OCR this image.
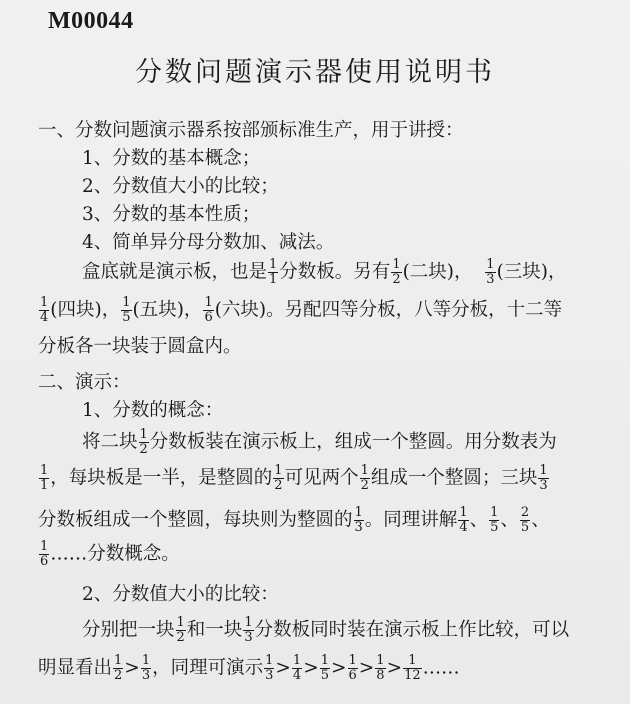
M00044
分数问题演示器使用说明书
一、分数问题演示器系按部颁标准生产，用于讲授：
1、分数的基本概念；
2、分数值大小的比较；
3、分数的基本性质；
4、简单异分母分数加、减法。
盒底就是演示板，也是 $\frac{1}{1}$ 分数板。另有 $\frac{1}{2}$ (二块)， $\frac{1}{3}$ (三块)，
$\frac{1}{4}$ (四块)， $\frac{1}{5}$ (五块)， $\frac{1}{6}$ (六块)。另配四等分板，八等分板，十二等
分板各一块装于圆盒内。
二、演示：
1、分数的概念：
将二块 $\frac{1}{2}$ 分数板装在演示板上，组成一个整圆。用分数表为
$\frac{1}{1}$ ，每块板是一半，是整圆的 $\frac{1}{2}$ 可见两个 $\frac{1}{2}$ 组成一个整圆；三块 $\frac{1}{3}$
分数板组成一个整圆，每块则为整圆的 $\frac{1}{3}$ 。同理讲解 $\frac{1}{4}$ 、 $\frac{1}{5}$ 、 $\frac{2}{5}$ 、
$\frac{1}{6}$ ……分数概念。
2、分数值大小的比较：
分别把一块 $\frac{1}{2}$ 和一块 $\frac{1}{3}$ 分数板同时装在演示板上作比较，可以
明显看出 $\frac{1}{2} > \frac{1}{3}$ ，同理可演示 $\frac{1}{3} > \frac{1}{4} > \frac{1}{5} > \frac{1}{6} > \frac{1}{8} > \frac{1}{12}$ ……
